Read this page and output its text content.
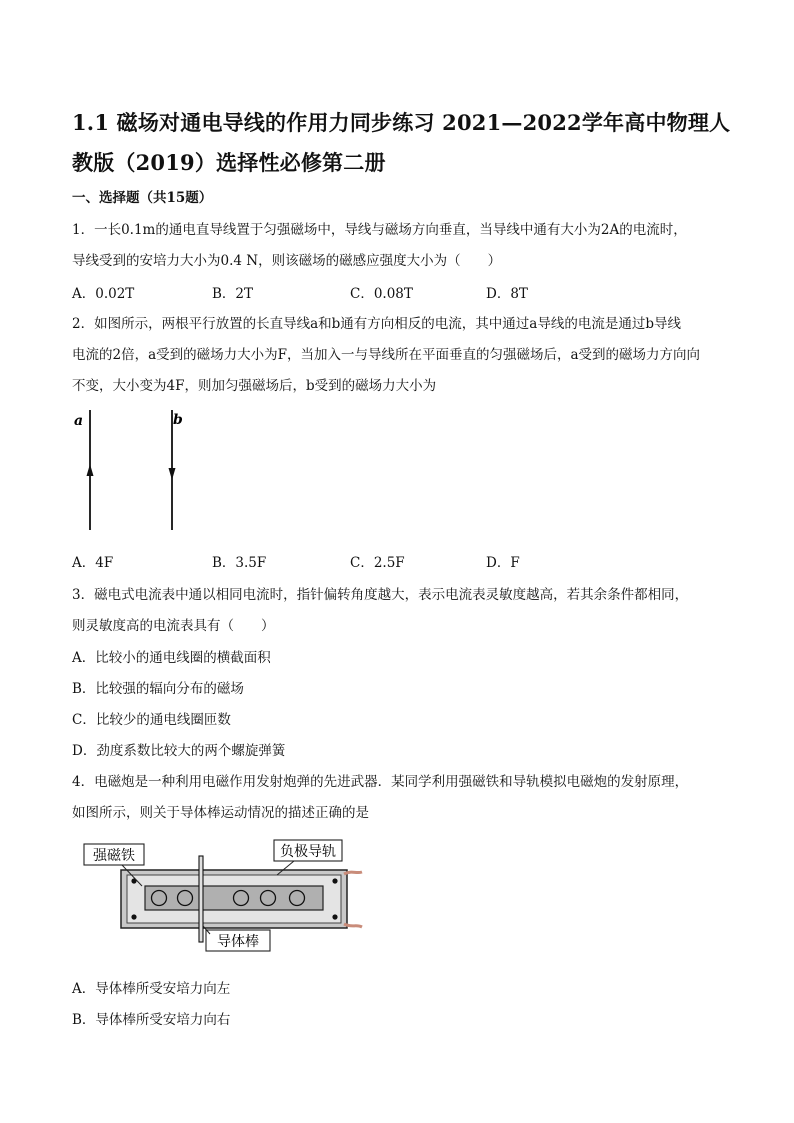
1.1 磁场对通电导线的作用力同步练习 2021—2022学年高中物理人教版（2019）选择性必修第二册
一、选择题（共15题）
1．一长0.1m的通电直导线置于匀强磁场中，导线与磁场方向垂直，当导线中通有大小为2A的电流时，
导线受到的安培力大小为0.4 N，则该磁场的磁感应强度大小为（　　）
A．0.02T	B．2T	C．0.08T	D．8T
2．如图所示，两根平行放置的长直导线a和b通有方向相反的电流，其中通过a导线的电流是通过b导线
电流的2倍，a受到的磁场力大小为F，当加入一与导线所在平面垂直的匀强磁场后，a受到的磁场力方向向
不变，大小变为4F，则加匀强磁场后，b受到的磁场力大小为
a	b
A．4F	B．3.5F	C．2.5F	D．F
3．磁电式电流表中通以相同电流时，指针偏转角度越大，表示电流表灵敏度越高，若其余条件都相同，
则灵敏度高的电流表具有（　　）
A．比较小的通电线圈的横截面积
B．比较强的辐向分布的磁场
C．比较少的通电线圈匝数
D．劲度系数比较大的两个螺旋弹簧
4．电磁炮是一种利用电磁作用发射炮弹的先进武器．某同学利用强磁铁和导轨模拟电磁炮的发射原理，
如图所示，则关于导体棒运动情况的描述正确的是
强磁铁	负极导轨
导体棒
A．导体棒所受安培力向左
B．导体棒所受安培力向右
